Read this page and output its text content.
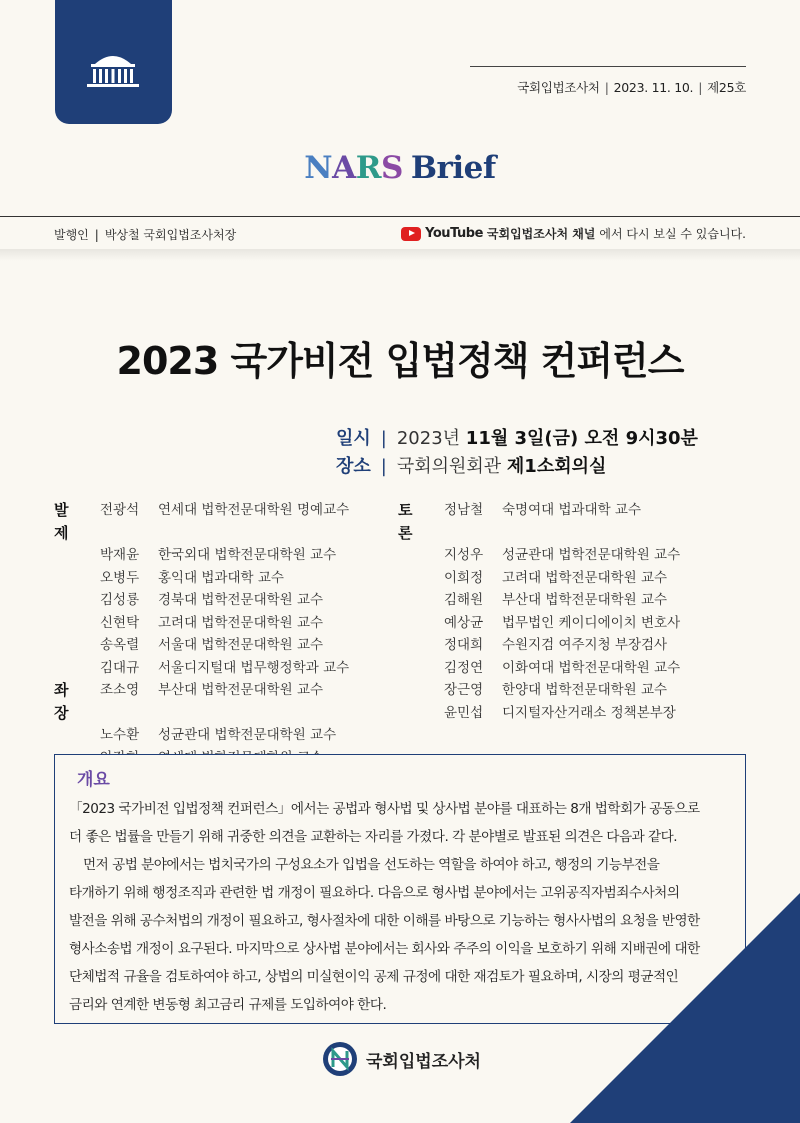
국회입법조사처 | 2023. 11. 10. | 제25호
NARS Brief
발행인 | 박상철 국회입법조사처장	YouTube 국회입법조사처 채널 에서 다시 보실 수 있습니다.
2023 국가비전 입법정책 컨퍼런스
일시 | 2023년 11월 3일(금) 오전 9시30분
장소 | 국회의원회관 제1소회의실
발 제
전광석	연세대 법학전문대학원 명예교수
박재윤	한국외대 법학전문대학원 교수
오병두	홍익대 법과대학 교수
김성룡	경북대 법학전문대학원 교수
신현탁	고려대 법학전문대학원 교수
송옥렬	서울대 법학전문대학원 교수
김대규	서울디지털대 법무행정학과 교수
좌 장
조소영	부산대 법학전문대학원 교수
노수환	성균관대 법학전문대학원 교수
토 론
정남철	숙명여대 법과대학 교수
지성우	성균관대 법학전문대학원 교수
이희정	고려대 법학전문대학원 교수
김해원	부산대 법학전문대학원 교수
예상균	법무법인 케이디에이치 변호사
정대희	수원지검 여주지청 부장검사
김정연	이화여대 법학전문대학원 교수
장근영	한양대 법학전문대학원 교수
윤민섭	디지털자산거래소 정책본부장
개요

「2023 국가비전 입법정책 컨퍼런스」에서는 공법과 형사법 및 상사법 분야를 대표하는 8개 법학회가 공동으로

더 좋은 법률을 만들기 위해 귀중한 의견을 교환하는 자리를 가졌다. 각 분야별로 발표된 의견은 다음과 같다.

먼저 공법 분야에서는 법치국가의 구성요소가 입법을 선도하는 역할을 하여야 하고, 행정의 기능부전을

타개하기 위해 행정조직과 관련한 법 개정이 필요하다. 다음으로 형사법 분야에서는 고위공직자범죄수사처의

발전을 위해 공수처법의 개정이 필요하고, 형사절차에 대한 이해를 바탕으로 기능하는 형사사법의 요청을 반영한

형사소송법 개정이 요구된다. 마지막으로 상사법 분야에서는 회사와 주주의 이익을 보호하기 위해 지배권에 대한

단체법적 규율을 검토하여야 하고, 상법의 미실현이익 공제 규정에 대한 재검토가 필요하며, 시장의 평균적인

금리와 연계한 변동형 최고금리 규제를 도입하여야 한다.

국회입법조사처
